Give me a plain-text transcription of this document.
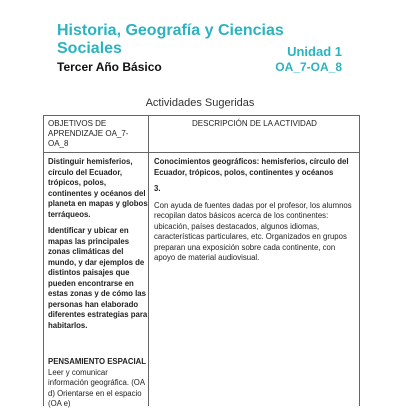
Historia, Geografía y Ciencias Sociales	Unidad 1
Tercer Año Básico	OA_7-OA_8
Actividades Sugeridas
OBJETIVOS DE APRENDIZAJE OA_7-OA_8
DESCRIPCIÓN DE LA ACTIVIDAD

Distinguir hemisferios, círculo del Ecuador, trópicos, polos, continentes y océanos del planeta en mapas y globos terráqueos.

Identificar y ubicar en mapas las principales zonas climáticas del mundo, y dar ejemplos de distintos paisajes que pueden encontrarse en estas zonas y de cómo las personas han elaborado diferentes estrategias para habitarlos.

PENSAMIENTO ESPACIAL
Leer y comunicar información geográfica. (OA d) Orientarse en el espacio (OA e)

Conocimientos geográficos: hemisferios, círculo del Ecuador, trópicos, polos, continentes y océanos

3.

Con ayuda de fuentes dadas por el profesor, los alumnos recopilan datos básicos acerca de los continentes: ubicación, países destacados, algunos idiomas, características particulares, etc. Organizados en grupos preparan una exposición sobre cada continente, con apoyo de material audiovisual.
